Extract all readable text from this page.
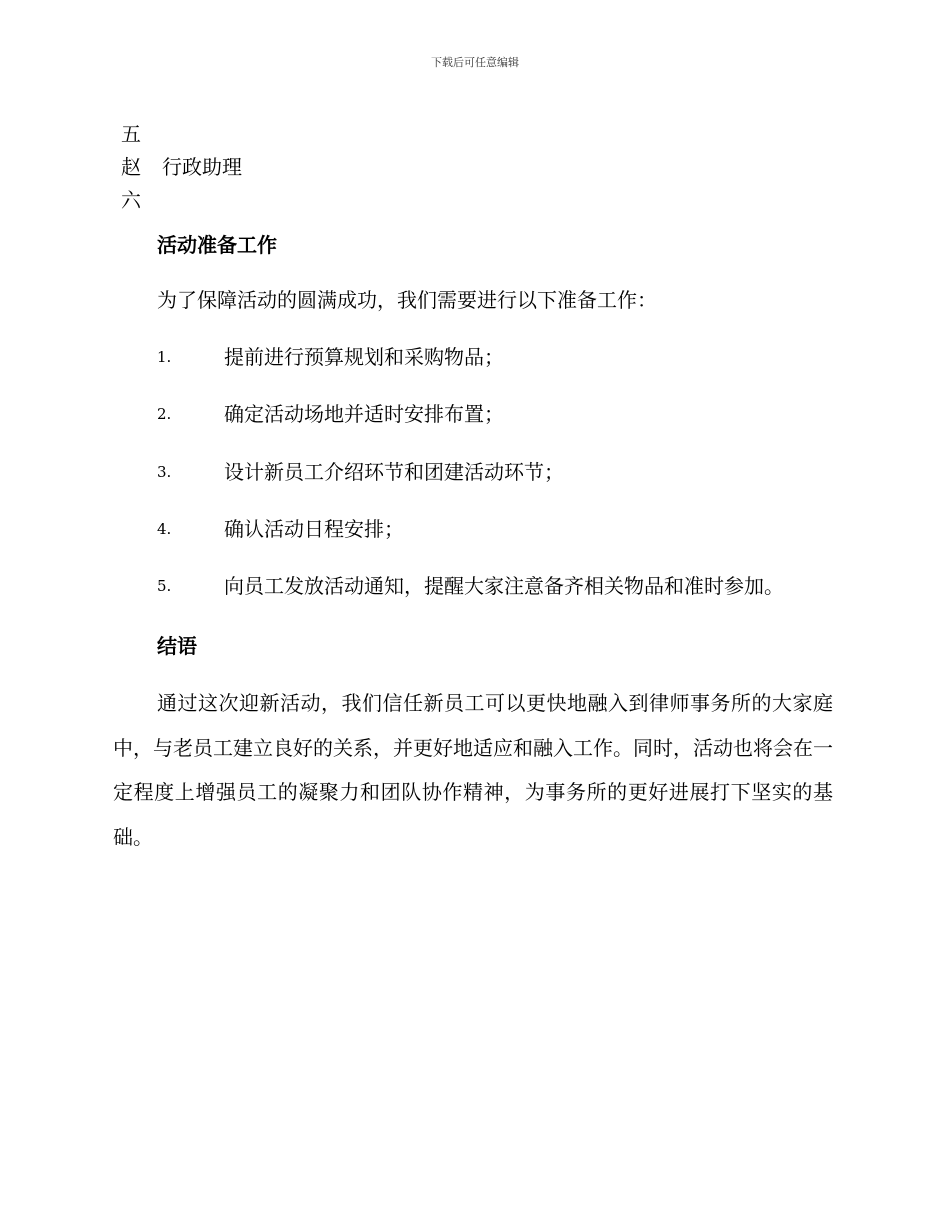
下载后可任意编辑
五
赵	行政助理
六
活动准备工作
为了保障活动的圆满成功，我们需要进行以下准备工作：
1.	提前进行预算规划和采购物品；
2.	确定活动场地并适时安排布置；
3.	设计新员工介绍环节和团建活动环节；
4.	确认活动日程安排；
5.	向员工发放活动通知，提醒大家注意备齐相关物品和准时参加。
结语
通过这次迎新活动，我们信任新员工可以更快地融入到律师事务所的大家庭中，与老员工建立良好的关系，并更好地适应和融入工作。同时，活动也将会在一定程度上增强员工的凝聚力和团队协作精神，为事务所的更好进展打下坚实的基础。
